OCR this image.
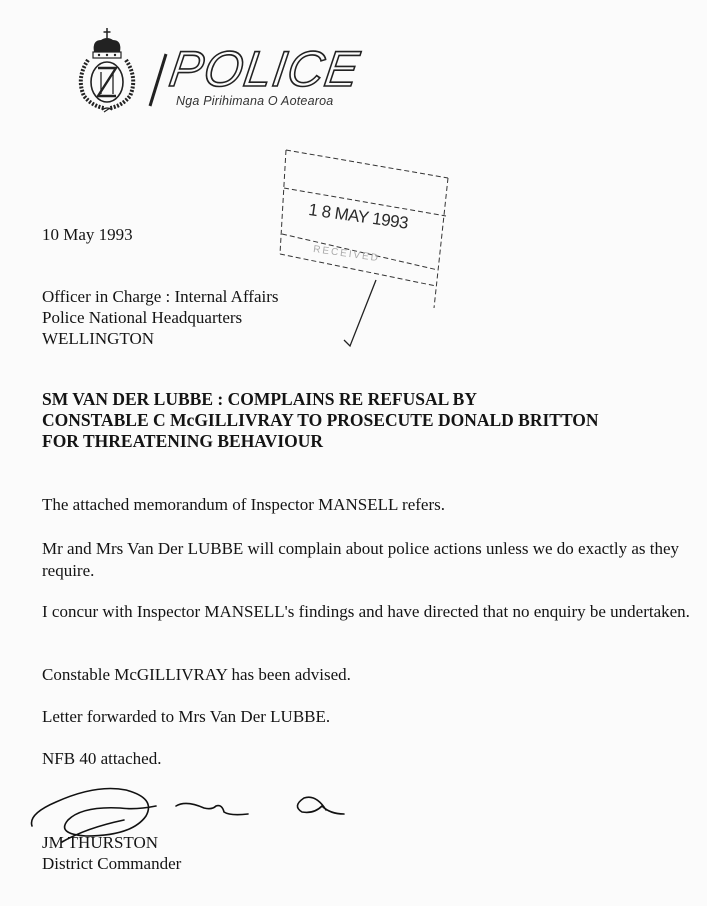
POLICE
Nga Pirihimana O Aotearoa
1 8 MAY 1993
RECEIVED
10 May 1993
Officer in Charge : Internal Affairs
Police National Headquarters
WELLINGTON
SM VAN DER LUBBE : COMPLAINS RE REFUSAL BY
CONSTABLE C McGILLIVRAY TO PROSECUTE DONALD BRITTON
FOR THREATENING BEHAVIOUR
The attached memorandum of Inspector MANSELL refers.
Mr and Mrs Van Der LUBBE will complain about police actions unless we do exactly as they require.
I concur with Inspector MANSELL's findings and have directed that no enquiry be undertaken.
Constable McGILLIVRAY has been advised.
Letter forwarded to Mrs Van Der LUBBE.
NFB 40 attached.
JM THURSTON
District Commander
